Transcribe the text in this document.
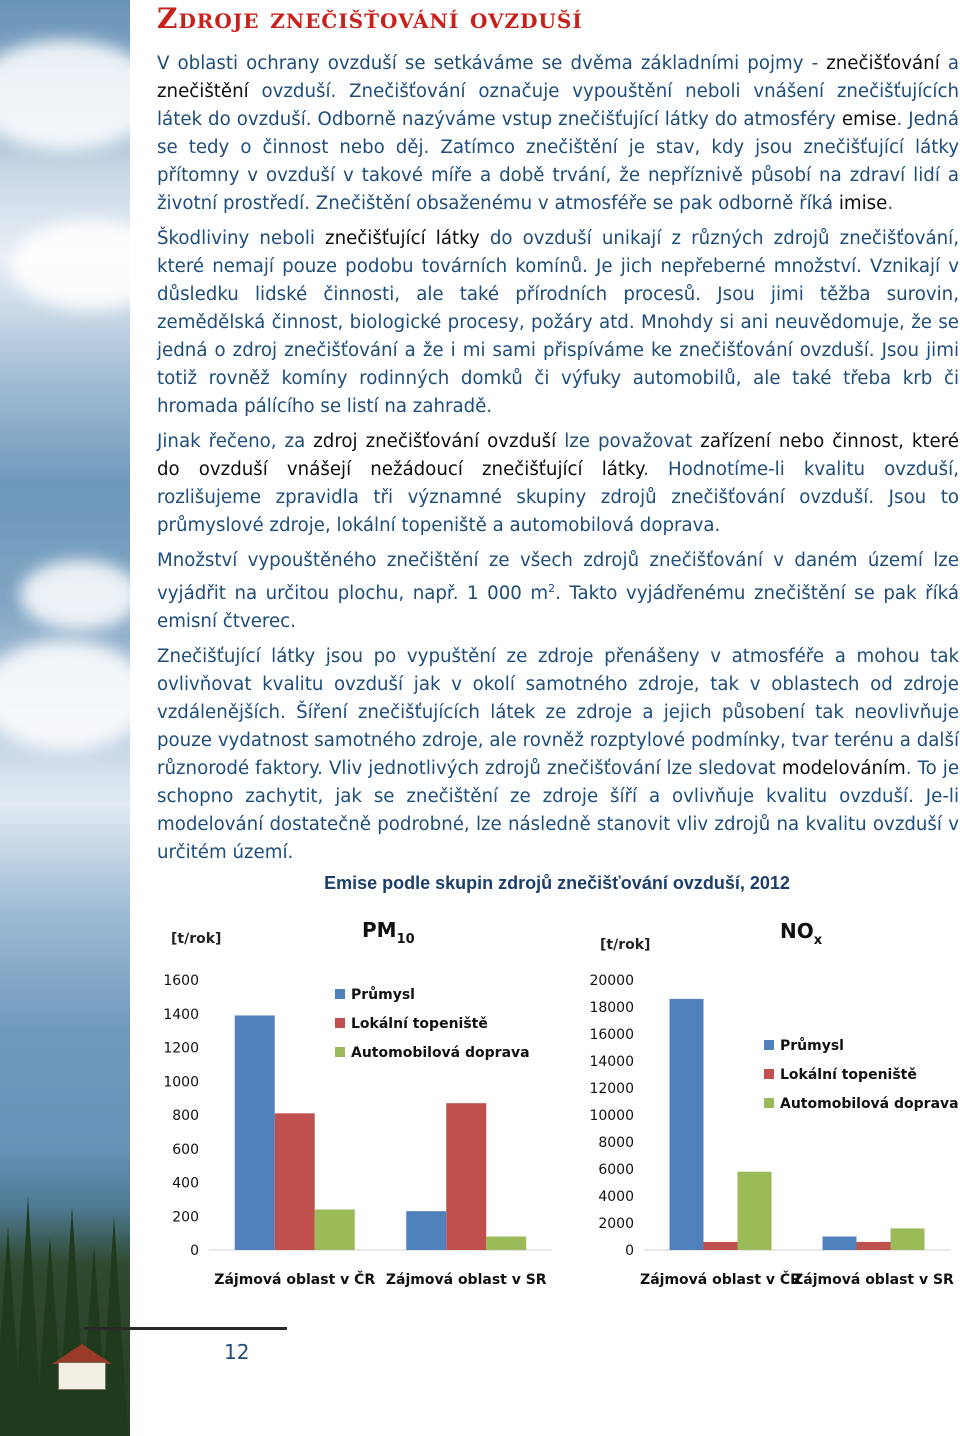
Zdroje znečišťování ovzduší

V oblasti ochrany ovzduší se setkáváme se dvěma základními pojmy - znečišťování a znečištění ovzduší. Znečišťování označuje vypouštění neboli vnášení znečišťujících látek do ovzduší. Odborně nazýváme vstup znečišťující látky do atmosféry emise. Jedná se tedy o činnost nebo děj. Zatímco znečištění je stav, kdy jsou znečišťující látky přítomny v ovzduší v takové míře a době trvání, že nepříznivě působí na zdraví lidí a životní prostředí. Znečištění obsaženému v atmosféře se pak odborně říká imise.

Škodliviny neboli znečišťující látky do ovzduší unikají z různých zdrojů znečišťování, které nemají pouze podobu továrních komínů. Je jich nepřeberné množství. Vznikají v důsledku lidské činnosti, ale také přírodních procesů. Jsou jimi těžba surovin, zemědělská činnost, biologické procesy, požáry atd. Mnohdy si ani neuvědomuje, že se jedná o zdroj znečišťování a že i mi sami přispíváme ke znečišťování ovzduší. Jsou jimi totiž rovněž komíny rodinných domků či výfuky automobilů, ale také třeba krb či hromada pálícího se listí na zahradě.

Jinak řečeno, za zdroj znečišťování ovzduší lze považovat zařízení nebo činnost, které do ovzduší vnášejí nežádoucí znečišťující látky. Hodnotíme-li kvalitu ovzduší, rozlišujeme zpravidla tři významné skupiny zdrojů znečišťování ovzduší. Jsou to průmyslové zdroje, lokální topeniště a automobilová doprava.

Množství vypouštěného znečištění ze všech zdrojů znečišťování v daném území lze vyjádřit na určitou plochu, např. 1 000 $m^2$. Takto vyjádřenému znečištění se pak říká emisní čtverec.

Znečišťující látky jsou po vypuštění ze zdroje přenášeny v atmosféře a mohou tak ovlivňovat kvalitu ovzduší jak v okolí samotného zdroje, tak v oblastech od zdroje vzdálenějších. Šíření znečišťujících látek ze zdroje a jejich působení tak neovlivňuje pouze vydatnost samotného zdroje, ale rovněž rozptylové podmínky, tvar terénu a další různorodé faktory. Vliv jednotlivých zdrojů znečišťování lze sledovat modelováním. To je schopno zachytit, jak se znečištění ze zdroje šíří a ovlivňuje kvalitu ovzduší. Je-li modelování dostatečně podrobné, lze následně stanovit vliv zdrojů na kvalitu ovzduší v určitém území.

Emise podle skupin zdrojů znečišťování ovzduší, 2012
[t/rok]	$PM_{10}$
0
200
400
600
800
1000
1200
1400
1600
Zájmová oblast v ČR Zájmová oblast v SR
Průmysl
Lokální topeniště
Automobilová doprava
[t/rok]
$NO_x$
0
2000
4000
6000
8000
10000
12000
14000
16000
18000
20000
Zájmová oblast v ČR
Zájmová oblast v SR
Průmysl
Lokální topeniště
Automobilová doprava
12
